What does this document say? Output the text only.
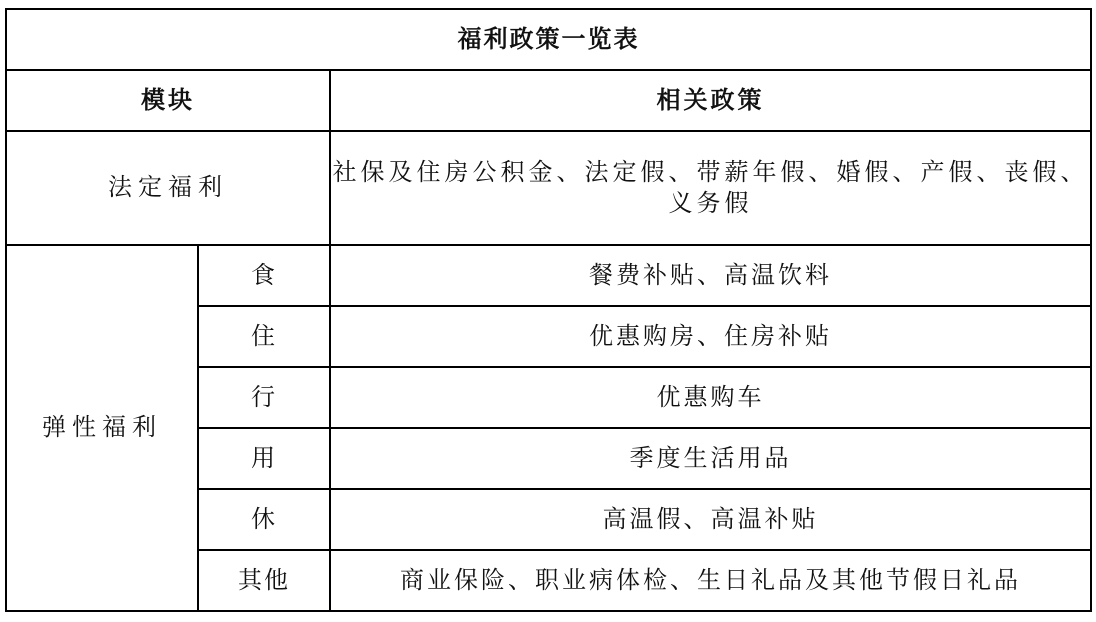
福利政策一览表		
模块		相关政策
法定福利		社保及住房公积金、法定假、带薪年假、婚假、产假、丧假、义务假
弹性福利	食	餐费补贴、高温饮料
	住	优惠购房、住房补贴
	行	优惠购车
	用	季度生活用品
	休	高温假、高温补贴
	其他	商业保险、职业病体检、生日礼品及其他节假日礼品
